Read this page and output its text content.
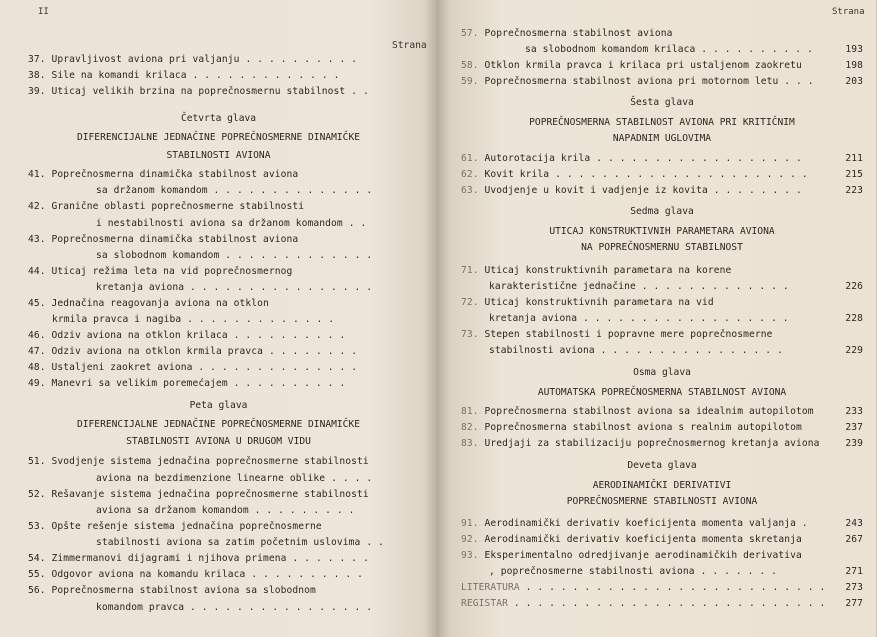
II
Strana
37. Upravljivost aviona pri valjanju . . . . . . . . . .
38. Sile na komandi krilaca . . . . . . . . . . . . .
39. Uticaj velikih brzina na poprečnosmernu stabilnost . .
Četvrta glava
DIFERENCIJALNE JEDNAČINE POPREČNOSMERNE DINAMIČKE
STABILNOSTI AVIONA
41. Poprečnosmerna dinamička stabilnost aviona
sa držanom komandom . . . . . . . . . . . . . .
42. Granične oblasti poprečnosmerne stabilnosti
i nestabilnosti aviona sa držanom komandom . .
43. Poprečnosmerna dinamička stabilnost aviona
sa slobodnom komandom . . . . . . . . . . . . .
44. Uticaj režima leta na vid poprečnosmernog
kretanja aviona . . . . . . . . . . . . . . . .
45. Jednačina reagovanja aviona na otklon
krmila pravca i nagiba . . . . . . . . . . . . .
46. Odziv aviona na otklon krilaca . . . . . . . . . .
47. Odziv aviona na otklon krmila pravca . . . . . . . .
48. Ustaljeni zaokret aviona . . . . . . . . . . . . . .
49. Manevri sa velikim poremećajem . . . . . . . . . .
Peta glava
DIFERENCIJALNE JEDNAČINE POPREČNOSMERNE DINAMIČKE
STABILNOSTI AVIONA U DRUGOM VIDU
51. Svodjenje sistema jednačina poprečnosmerne stabilnosti
aviona na bezdimenzione linearne oblike . . . .
52. Rešavanje sistema jednačina poprečnosmerne stabilnosti
aviona sa držanom komandom . . . . . . . . .
53. Opšte rešenje sistema jednačina poprečnosmerne
stabilnosti aviona sa zatim početnim uslovima . .
54. Zimmermanovi dijagrami i njihova primena . . . . . . .
55. Odgovor aviona na komandu krilaca . . . . . . . . . .
56. Poprečnosmerna stabilnost aviona sa slobodnom
komandom pravca . . . . . . . . . . . . . . . .
Strana
57. Poprečnosmerna stabilnost aviona
sa slobodnom komandom krilaca . . . . . . . . . .	193
58. Otklon krmila pravca i krilaca pri ustaljenom zaokretu	198
59. Poprečnosmerna stabilnost aviona pri motornom letu . . .	203
Šesta glava
POPREČNOSMERNA STABILNOST AVIONA PRI KRITIČNIM
NAPADNIM UGLOVIMA
61. Autorotacija krila . . . . . . . . . . . . . . . . . .	211
62. Kovit krila . . . . . . . . . . . . . . . . . . . . . .	215
63. Uvodjenje u kovit i vadjenje iz kovita . . . . . . . .	223
Sedma glava
UTICAJ KONSTRUKTIVNIH PARAMETARA AVIONA
NA POPREČNOSMERNU STABILNOST
71. Uticaj konstruktivnih parametara na korene
karakteristične jednačine . . . . . . . . . . . . .	226
72. Uticaj konstruktivnih parametara na vid
kretanja aviona . . . . . . . . . . . . . . . . . .	228
73. Stepen stabilnosti i popravne mere poprečnosmerne
stabilnosti aviona . . . . . . . . . . . . . . . .	229
Osma glava
AUTOMATSKA POPREČNOSMERNA STABILNOST AVIONA
81. Poprečnosmerna stabilnost aviona sa idealnim autopilotom	233
82. Poprečnosmerna stabilnost aviona s realnim autopilotom	237
83. Uredjaji za stabilizaciju poprečnosmernog kretanja aviona	239
Deveta glava
AERODINAMIČKI DERIVATIVI
POPREČNOSMERNE STABILNOSTI AVIONA
91. Aerodinamički derivativ koeficijenta momenta valjanja .	243
92. Aerodinamički derivativ koeficijenta momenta skretanja	267
93. Eksperimentalno odredjivanje aerodinamičkih derivativa
‚ poprečnosmerne stabilnosti aviona . . . . . . .	271
LITERATURA . . . . . . . . . . . . . . . . . . . . . . . . . .	273
REGISTAR . . . . . . . . . . . . . . . . . . . . . . . . . . .	277
